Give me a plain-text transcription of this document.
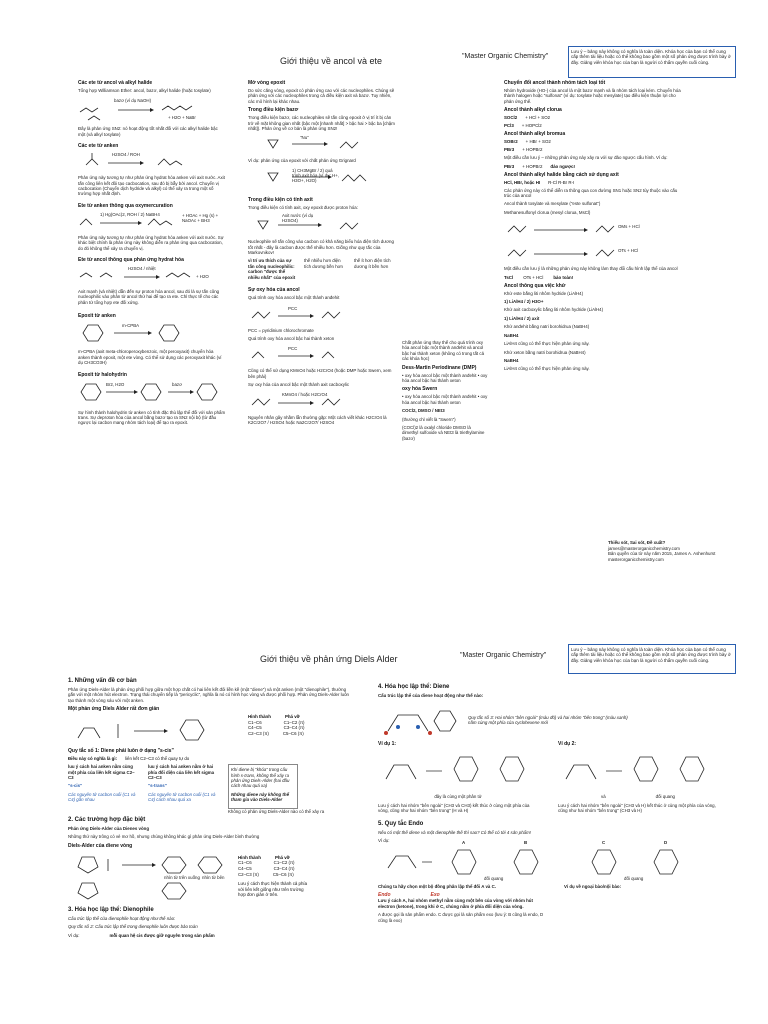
Giới thiệu về ancol và ete	"Master Organic Chemistry"
Lưu ý – bảng này không có nghĩa là toàn diện. Khóa học của bạn có thể cung cấp thêm tài liệu hoặc có thể không bao gồm một số phản ứng được trình bày ở đây. Giảng viên khóa học của bạn là người có thẩm quyền cuối cùng.
Các ete từ ancol và alkyl halide
Tổng hợp Williamson Ether: ancol, bazơ, alkyl halide (hoặc tosylate)
bazơ (ví dụ NaOH)
+ H2O + NaBr
Đây là phản ứng SN2: nó hoạt động tốt nhất đối với các alkyl halide bậc một (và alkyl tosylate)
Các ete từ anken
H2SO4 / ROH
Phản ứng này tương tự như phản ứng hydrat hóa anken với axit nước. Axit tấn công liên kết đôi tạo cacbocation, sau đó bị bẫy bởi ancol. Chuyển vị cacbocation (Chuyển dịch hydride và alkyl) có thể xảy ra trong một số trường hợp nhất định.
Ete từ anken thông qua oxymercuration
1) Hg(OAc)2, ROH / 2) NaBH4	+ HOAc + Hg (s) + NaOAc + BH3
Phản ứng này tương tự như phản ứng hydrat hóa anken với axit nước. Sự khác biệt chính là phản ứng này không diễn ra phản ứng qua cacbocation, do đó không thể xảy ra chuyển vị.
Ete từ ancol thông qua phản ứng hydrat hóa
H2SO4 / nhiệt
+ H2O
Axit mạnh (và nhiệt) dẫn đến sự proton hóa ancol, sau đó là sự tấn công nucleophilic vào phân tử ancol thứ hai để tạo ra ete. Chỉ thực tế cho các phân tử tổng hợp ete đối xứng.
Epoxit từ anken
m-CPBA
m-CPBA (axit meta-chloroperoxybenzoic, một peroxyaxit) chuyển hóa anken thành epoxit, một ete vòng. Có thể sử dụng các peroxyaxit khác (ví dụ CH3CO3H)
Epoxit từ halohydrin
Br2, H2O	bazơ
Sự hình thành halohydrin từ anken có tính đặc thù lập thể đối với sản phẩm trans. Sự deproton hóa của ancol bằng bazơ tạo ra SN2 nội bộ (từ đầu ngược lại cacbon mang nhóm tách loại) để tạo ra epoxit.
Mở vòng epoxit
Do sức căng vòng, epoxit có phản ứng cao với các nucleophiles. Chúng sẽ phản ứng với các nucleophiles trong cả điều kiện axit và bazơ. Tuy nhiên, các mô hình lại khác nhau.
Trong điều kiện bazơ
Trong điều kiện bazơ, các nucleophiles sẽ tấn công epoxit ở vị trí ít bị cản trở về mặt không gian nhất (bậc một [nhanh nhất] > bậc hai > bậc ba [chậm nhất]). Phản ứng về cơ bản là phản ứng SN2!
"Nu"
Ví dụ: phản ứng của epoxit với chất phản ứng Grignard
1) CH3MgBr / 2) quá trình axit hóa (ví dụ: H+, H3O+, H2O)
Trong điều kiện có tính axit
Trong điều kiện có tính axit, oxy epoxit được proton hóa:
Axit nước (ví dụ H2SO4)
Nucleophile sẽ tấn công vào cacbon có khả năng biểu hóa điện tích dương tốt nhất - đây là cacbon được thế nhiều hơn. Giống như quy tắc của Markovnikov!
vì trí ưa thích của sự tấn công nucleophilic: carbon "được thế nhiều nhất" của epoxit
thế nhiều hơn điện tích dương bền hơn
thế ít hơn điện tích dương ít bền hơn
Sự oxy hóa của ancol
Quá trình oxy hóa ancol bậc một thành anđehit
PCC
PCC = pyridinium chlorochromate
Quá trình oxy hóa ancol bậc hai thành xeton
PCC
Cũng có thể sử dụng KMnO4 hoặc H2CrO4 (hoặc DMP hoặc Swern, xem bên phải)
Sự oxy hóa của ancol bậc một thành axit cacboxylic
KMnO4 / hoặc H2CrO4
Nguyên nhân gây nhầm lẫn thường gặp: Một cách viết khác H2CrO4 là K2Cr2O7 / H2SO4 hoặc Na2Cr2O7/ H2SO4
Chất phản ứng thay thế cho quá trình oxy hóa ancol bậc một thành anđehit và ancol bậc hai thành xeton (không có trong tất cả các khóa học)
Dess-Martin Periodinane (DMP)
• oxy hóa ancol bậc một thành anđehit • oxy hóa ancol bậc hai thành xeton
oxy hóa Swern
• oxy hóa ancol bậc một thành anđehit • oxy hóa ancol bậc hai thành xeton
COCl2, DMSO / NEt3
(thường chỉ viết là "Swern")
(COCl)2 là oxalyl chloride DMSO là dimethyl sulfoxide và NEt3 là triethylamine (bazơ)
Chuyển đổi ancol thành nhóm tách loại tốt
Nhóm hydroxide (HO-) của ancol là một bazơ mạnh và là nhóm tách loại kém. Chuyển hóa thành halogen hoặc "sulfonat" (ví dụ: tosylate hoặc mesylate) tạo điều kiện thuận lợi cho phản ứng thế.
Ancol thành alkyl clorua
SOCl2 + HCl + SO2
PCl3 + HOPCl2
Ancol thành alkyl bromua
SOBr2 + HBr + SO2
PBr3 + HOPBr2
Một điều cần lưu ý – những phản ứng này xảy ra với sự đảo ngược cấu hình. Ví dụ:
PBr3 + HOPBr2 đảo ngược!
Ancol thành alkyl halide bằng cách sử dụng axit
HCl, HBr, hoặc HI R-Cl R-Br R-I
Các phản ứng này có thể diễn ra thông qua con đường SN1 hoặc SN2 tùy thuộc vào cấu trúc của ancol
Ancol thành tosylate và mesylate ("este sulfonat")
Methanesulfonyl clorua (mesyl clorua, MsCl)
OMs + HCl
OTs + HCl
Một điều cần lưu ý là những phản ứng này không làm thay đổi cấu hình lập thể của ancol
TsCl OTs + HCl bảo toàn!
Ancol thông qua việc khử
Khử este bằng liti nhôm hydride (LiAlH4)
1) LiAlH4 / 2) H3O+
Khử axit cacboxylic bằng liti nhôm hydride (LiAlH4)
1) LiAlH4 / 2) axit
Khử anđehit bằng natri borohidrua (NaBH4)
NaBH4
LiAlH4 cũng có thể thực hiện phản ứng này.
Khử xeton bằng natri borohidrua (NaBH4)
NaBH4
LiAlH4 cũng có thể thực hiện phản ứng này.
Thiếu sót, Sai sót, Đề xuất?
james@masterorganicchemistry.com
Bản quyền của tờ này năm 2015, James A. Ashenhurst masterorganicchemistry.com
Giới thiệu về phản ứng Diels Alder	"Master Organic Chemistry"
Lưu ý – bảng này không có nghĩa là toàn diện. Khóa học của bạn có thể cung cấp thêm tài liệu hoặc có thể không bao gồm một số phản ứng được trình bày ở đây. Giảng viên khóa học của bạn là người có thẩm quyền cuối cùng.
1. Những vấn đề cơ bản
Phản ứng Diels-Alder là phản ứng phối hợp giữa một hợp chất có hai liên kết đôi liền kề (một "diene") và một anken (một "dienophile"), thường gắn với một nhóm hút electron. Trạng thái chuyển tiếp là "pericyclic", nghĩa là nó có hình học vòng và được phối hợp. Phản ứng Diels-Alder luôn tạo thành một vòng sáu với một anken.
Một phản ứng Diels Alder rất đơn giản
Hình thành	Phá vỡ
C1–C6	C1–C2 (π)
C4–C5	C3–C4 (π)
C2–C3 (π)	C5–C6 (π)
Quy tắc số 1: Diene phải luôn ở dạng "s-cis"
Điều này có nghĩa là gì: liên kết C2–C3 có thể quay tự do
luu ý cách hai anken nằm cùng một phía của liên kết sigma C2–C3
"s-cis"
Các nguyên tử cacbon cuối (C1 và C4) gần nhau
luu ý cách hai anken nằm ở hai phía đối diện của liên kết sigma C2–C3
"s-trans"
Các nguyên tử cacbon cuối (C1 và C4) cách nhau quá xa
Khi diene bị "khóa" trong cấu hình s-trans, không thể xảy ra phản ứng Diels-Alder (hai đầu cách nhau quá xa)
Những diene này không thể tham gia vào Diels-Alder
Không có phản ứng Diels-Alder nào có thể xảy ra
2. Các trường hợp đặc biệt
Phản ứng Diels-Alder của Dienes vòng
Những thứ này trông có vẻ mơ hồ, nhưng chúng không khác gì phản ứng Diels-Alder bình thường
Diels-Alder của diene vòng
nhìn từ trên xuống nhìn từ bên
Hình thành	Phá vỡ
C1–C6	C1–C2 (π)
C4–C5	C3–C4 (π)
C2–C3 (π)	C5–C6 (π)
Lưu ý cách thực hiện thành cả phía với liên kết giống như trên trường hợp đơn giản ở trên.
3. Hóa học lập thể: Dienophile
Cấu trúc lập thể của dienophile hoạt động như thế nào:
Quy tắc số 2: Cấu trúc lập thể trong dienophile luôn được bảo toàn
Ví dụ:	mỗi quan hệ cis được giữ nguyên trong sản phẩm
4. Hóa học lập thể: Diene
Cấu trúc lập thể của diene hoạt động như thế nào:
Quy tắc số 3: Hai nhóm "bên ngoài" (màu đỏ) và hai nhóm "bên trong" (màu xanh) nằm cùng một phía của cyclohexene mới
Ví dụ 1:
đây là cùng một phân tử
Lưu ý cách hai nhóm "bên ngoài" (CH3 và CH3) kết thúc ở cùng một phía của vòng, cũng như hai nhóm "bên trong" (H và H)
Ví dụ 2:
và	đối quang
Lưu ý cách hai nhóm "bên ngoài" (CH3 và H) kết thúc ở cùng một phía của vòng, cũng như hai nhóm "bên trong" (CH3 và H)
5. Quy tắc Endo
Nếu có một thế diene và một dienophile thế thì sao? Có thể có tới 4 sản phẩm!
Ví dụ:	A	B	C	D
đối quang	đối quang
Chúng ta hãy chọn một bộ đồng phân lập thể đối A và C.
Endo	Exo
Lưu ý cách A, hai nhóm methyl nằm cùng một bên của vòng với nhóm hút electron (ketone), trong khi ở C, chúng nằm ở phía đối diện của vòng.
A được gọi là sản phẩm endo. C được gọi là sản phẩm exo (lưu ý: B cũng là endo, D cũng là exo)
Ví dụ về ngoại bào/nội bào:
